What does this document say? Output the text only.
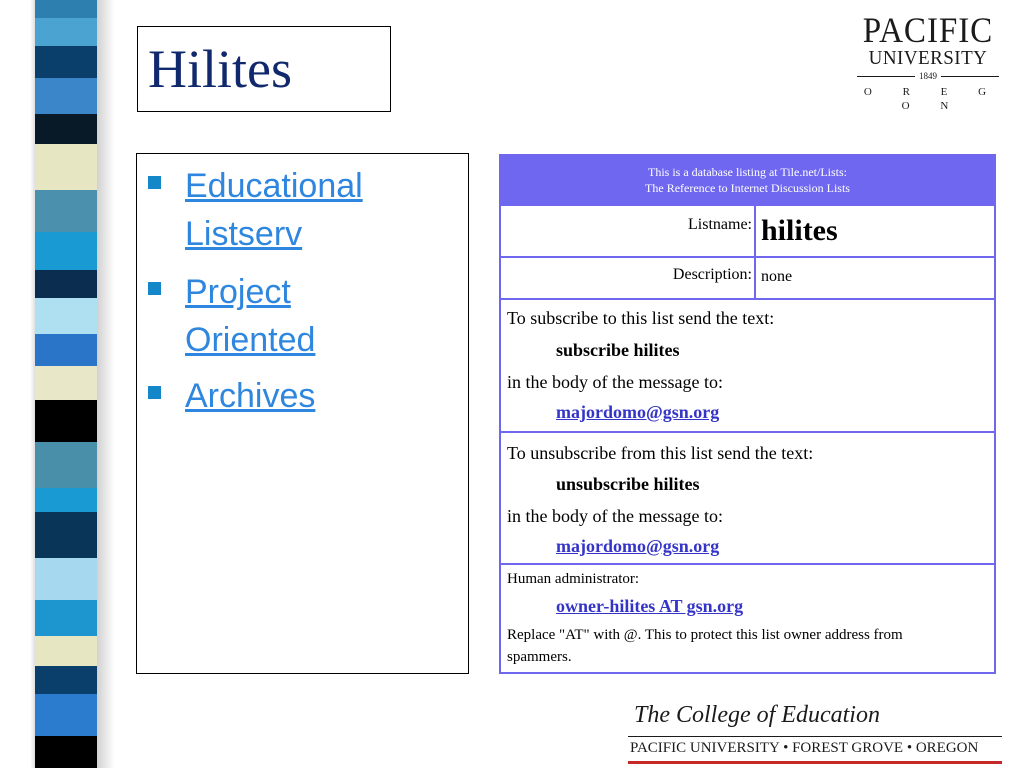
Hilites
PACIFIC
UNIVERSITY
1849
O R E G O N
Educational Listserv
Project Oriented
Archives
This is a database listing at Tile.net/Lists:
The Reference to Internet Discussion Lists
Listname: hilites
Description: none
To subscribe to this list send the text:
subscribe hilites
in the body of the message to:
majordomo@gsn.org
To unsubscribe from this list send the text:
unsubscribe hilites
in the body of the message to:
majordomo@gsn.org
Human administrator:
owner-hilites AT gsn.org
Replace "AT" with @. This to protect this list owner address from
spammers.
The College of Education
PACIFIC UNIVERSITY • FOREST GROVE • OREGON
